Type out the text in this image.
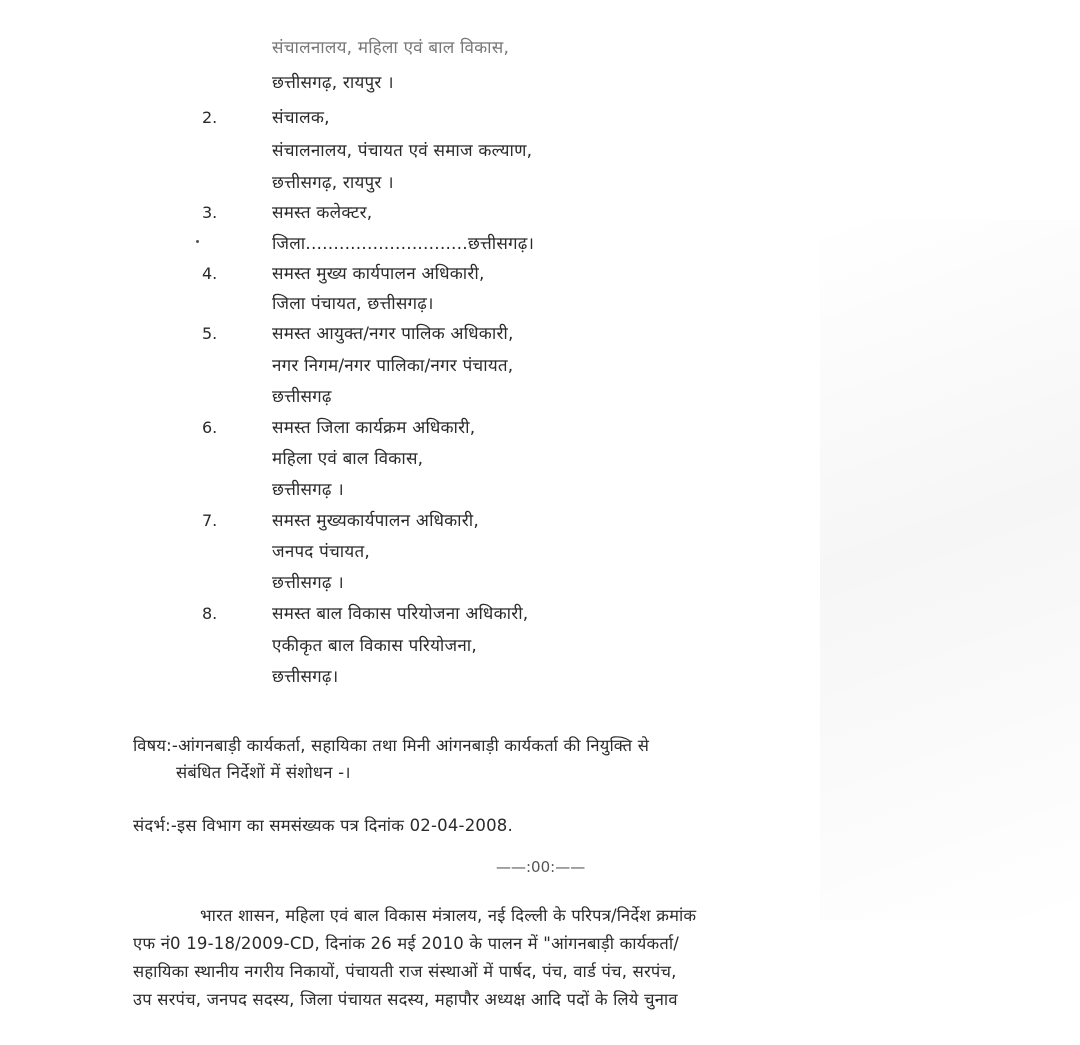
संचालनालय, महिला एवं बाल विकास,
छत्तीसगढ़, रायपुर ।
2.	संचालक,
संचालनालय, पंचायत एवं समाज कल्याण,
छत्तीसगढ़, रायपुर ।
3.	समस्त कलेक्टर,
जिला.............................छत्तीसगढ़।
4.	समस्त मुख्य कार्यपालन अधिकारी,
जिला पंचायत, छत्तीसगढ़।
5.	समस्त आयुक्त/नगर पालिक अधिकारी,
नगर निगम/नगर पालिका/नगर पंचायत,
छत्तीसगढ़
6.	समस्त जिला कार्यक्रम अधिकारी,
महिला एवं बाल विकास,
छत्तीसगढ़ ।
7.	समस्त मुख्यकार्यपालन अधिकारी,
जनपद पंचायत,
छत्तीसगढ़ ।
8.	समस्त बाल विकास परियोजना अधिकारी,
एकीकृत बाल विकास परियोजना,
छत्तीसगढ़।
विषय:-आंगनबाड़ी कार्यकर्ता, सहायिका तथा मिनी आंगनबाड़ी कार्यकर्ता की नियुक्ति से
संबंधित निर्देशों में संशोधन -।
संदर्भ:-इस विभाग का समसंख्यक पत्र दिनांक 02-04-2008.
——:00:——
भारत शासन, महिला एवं बाल विकास मंत्रालय, नई दिल्ली के परिपत्र/निर्देश क्रमांक
एफ नं0 19-18/2009-CD, दिनांक 26 मई 2010 के पालन में "आंगनबाड़ी कार्यकर्ता/
सहायिका स्थानीय नगरीय निकायों, पंचायती राज संस्थाओं में पार्षद, पंच, वार्ड पंच, सरपंच,
उप सरपंच, जनपद सदस्य, जिला पंचायत सदस्य, महापौर अध्यक्ष आदि पदों के लिये चुनाव
